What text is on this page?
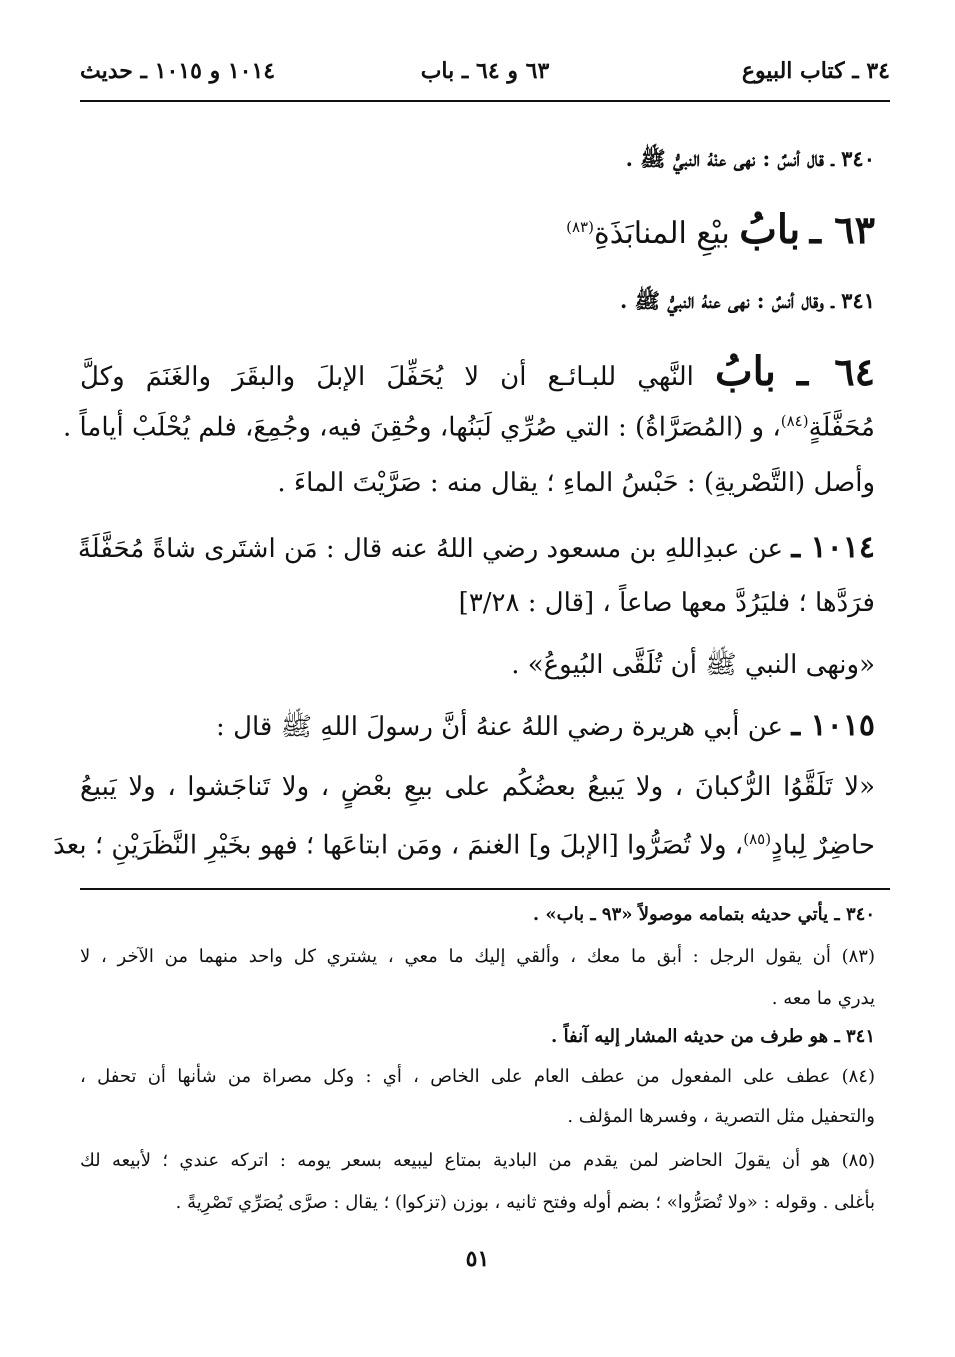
٣٤ ـ كتاب البيوع
٦٣ و ٦٤ ـ باب
١٠١٤ و ١٠١٥ ـ حديث
٣٤٠ ـ قال أنسٌ : نهى عنْهُ النبيُّ ﷺ .
٦٣ ـ بابُ بيْعِ المنابَذَةِ$^{(٨٣)}$
٣٤١ ـ وقال أنسٌ : نهى عنهُ النبيُّ ﷺ .
٦٤ ـ بابُ النَّهي للبـائـع أن لا يُحَفِّلَ الإبلَ والبقَرَ والغَنَمَ وكلَّ
مُحَفَّلَةٍ$^{(٨٤)}$، و (المُصَرَّاةُ) : التي صُرِّي لَبَنُها، وحُقِنَ فيه، وجُمِعَ، فلم يُحْلَبْ أياماً .
وأصل (التَّصْريةِ) : حَبْسُ الماءِ ؛ يقال منه : صَرَّيْتَ الماءَ .
١٠١٤ ـ عن عبدِاللهِ بن مسعود رضي اللهُ عنه قال : مَن اشتَرى شاةً مُحَفَّلَةً
فرَدَّها ؛ فليَرُدَّ معها صاعاً ، [قال : ٣/٢٨]
«ونهى النبي ﷺ أن تُلَقَّى البُيوعُ» .
١٠١٥ ـ عن أبي هريرة رضي اللهُ عنهُ أنَّ رسولَ اللهِ ﷺ قال :
«لا تَلَقَّوُا الرُّكبانَ ، ولا يَبيعُ بعضُكُم على بيعِ بعْضٍ ، ولا تَناجَشوا ، ولا يَبيعُ
حاضِرٌ لِبادٍ$^{(٨٥)}$، ولا تُصَرُّوا [الإبلَ و] الغنمَ ، ومَن ابتاعَها ؛ فهو بخَيْرِ النَّظَرَيْنِ ؛ بعدَ
٣٤٠ ـ يأتي حديثه بتمامه موصولاً «٩٣ ـ باب» .
(٨٣) أن يقول الرجل : أبق ما معك ، وألقي إليك ما معي ، يشتري كل واحد منهما من الآخر ، لا
يدري ما معه .
٣٤١ ـ هو طرف من حديثه المشار إليه آنفاً .
(٨٤) عطف على المفعول من عطف العام على الخاص ، أي : وكل مصراة من شأنها أن تحفل ،
والتحفيل مثل التصرية ، وفسرها المؤلف .
(٨٥) هو أن يقولَ الحاضر لمن يقدم من البادية بمتاع ليبيعه بسعر يومه : اتركه عندي ؛ لأبيعه لك
بأغلى . وقوله : «ولا تُصَرُّوا» ؛ بضم أوله وفتح ثانيه ، بوزن (تزكوا) ؛ يقال : صرَّى يُصَرِّي تَصْرِيةً .
٥١
